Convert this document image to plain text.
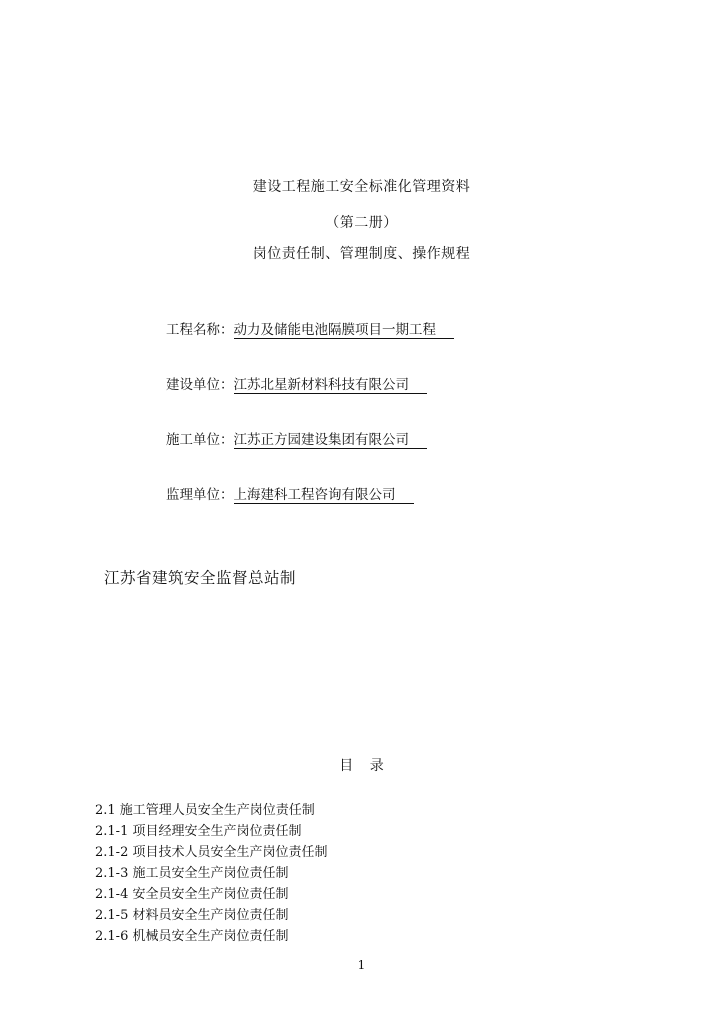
建设工程施工安全标准化管理资料
（第二册）
岗位责任制、管理制度、操作规程
工程名称：动力及储能电池隔膜项目一期工程
建设单位：江苏北星新材料科技有限公司
施工单位：江苏正方园建设集团有限公司
监理单位：上海建科工程咨询有限公司
江苏省建筑安全监督总站制
目 录
2.1 施工管理人员安全生产岗位责任制
2.1-1 项目经理安全生产岗位责任制
2.1-2 项目技术人员安全生产岗位责任制
2.1-3 施工员安全生产岗位责任制
2.1-4 安全员安全生产岗位责任制
2.1-5 材料员安全生产岗位责任制
2.1-6 机械员安全生产岗位责任制
1
